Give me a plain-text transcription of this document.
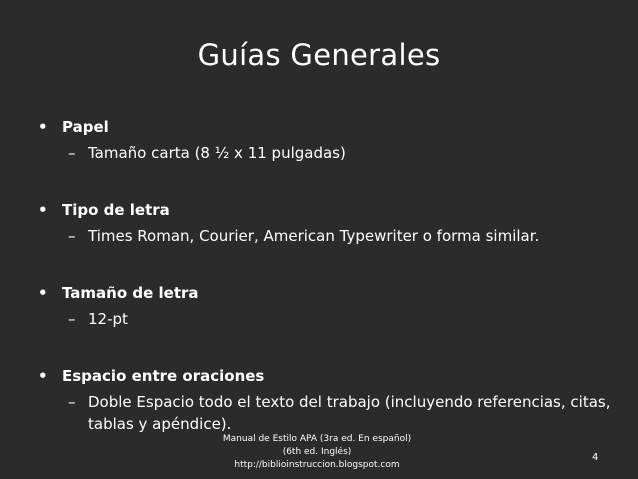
Guías Generales
• Papel
– Tamaño carta (8 ½ x 11 pulgadas)
• Tipo de letra
– Times Roman, Courier, American Typewriter o forma similar.
• Tamaño de letra
– 12-pt
• Espacio entre oraciones
– Doble Espacio todo el texto del trabajo (incluyendo referencias, citas, tablas y apéndice).
Manual de Estilo APA (3ra ed. En español)
(6th ed. Inglés)
http://biblioinstruccion.blogspot.com
4
